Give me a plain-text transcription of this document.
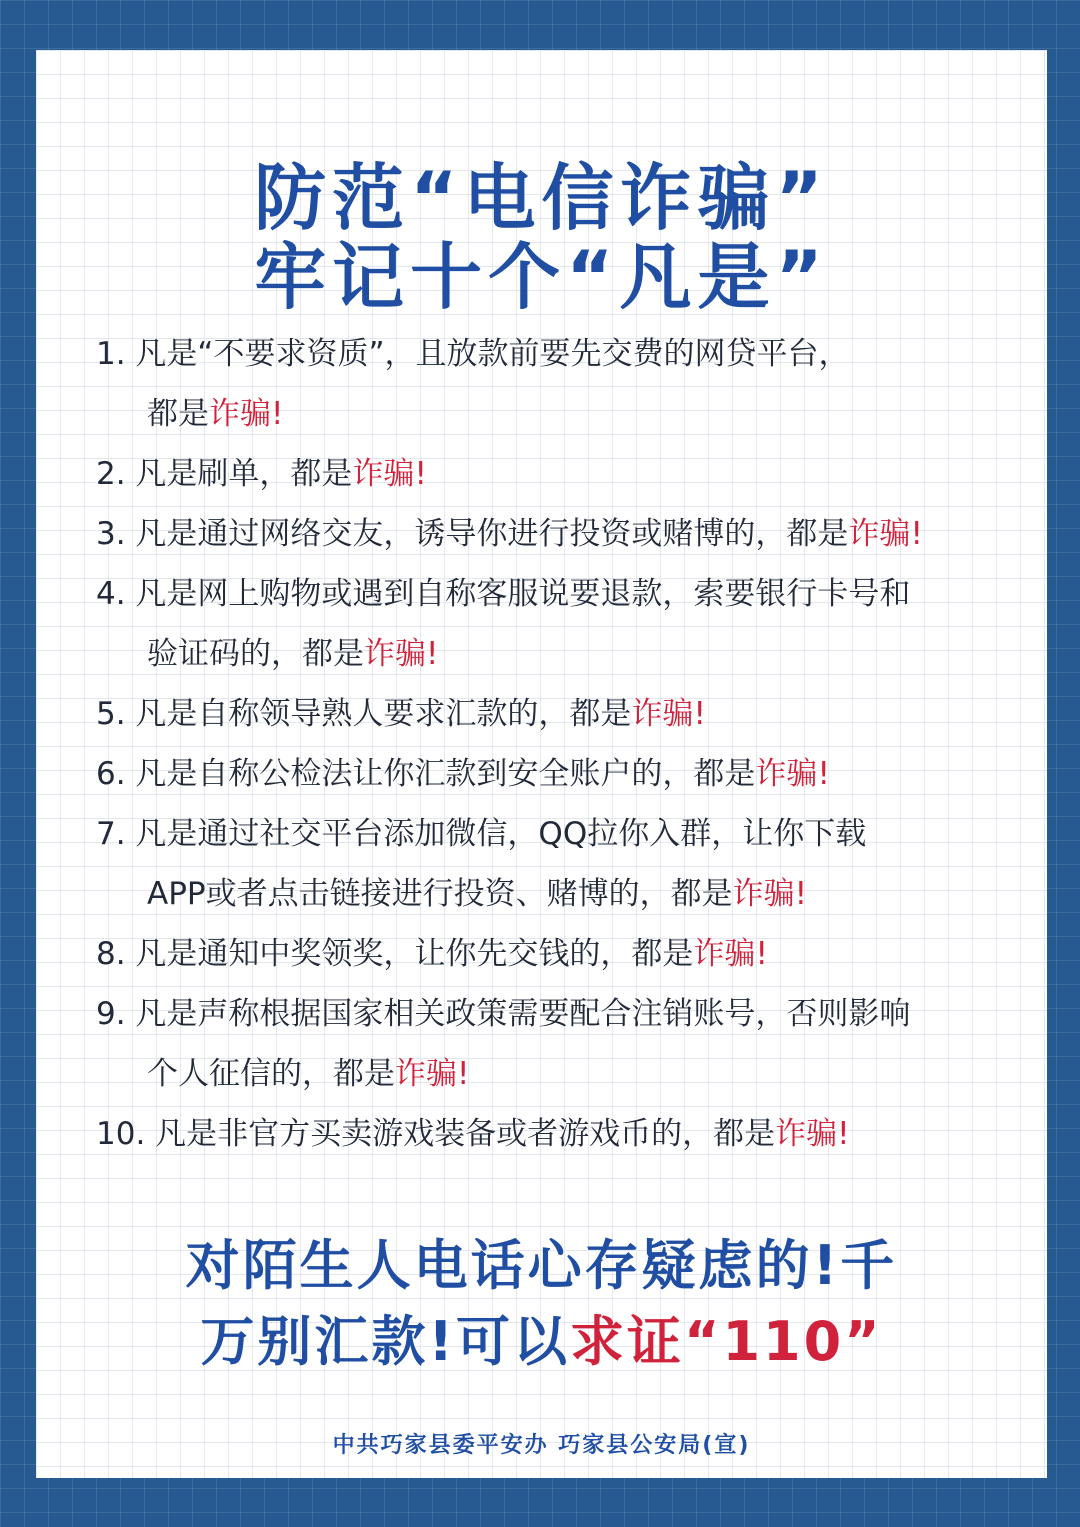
防范“电信诈骗”
牢记十个“凡是”
1. 凡是“不要求资质”，且放款前要先交费的网贷平台，
都是诈骗!
2. 凡是刷单，都是诈骗!
3. 凡是通过网络交友，诱导你进行投资或赌博的，都是诈骗!
4. 凡是网上购物或遇到自称客服说要退款，索要银行卡号和
验证码的，都是诈骗!
5. 凡是自称领导熟人要求汇款的，都是诈骗!
6. 凡是自称公检法让你汇款到安全账户的，都是诈骗!
7. 凡是通过社交平台添加微信，QQ拉你入群，让你下载
APP或者点击链接进行投资、赌博的，都是诈骗!
8. 凡是通知中奖领奖，让你先交钱的，都是诈骗!
9. 凡是声称根据国家相关政策需要配合注销账号，否则影响
个人征信的，都是诈骗!
10. 凡是非官方买卖游戏装备或者游戏币的，都是诈骗!

对陌生人电话心存疑虑的!千

万别汇款!可以求证“110”

中共巧家县委平安办 巧家县公安局(宣)
